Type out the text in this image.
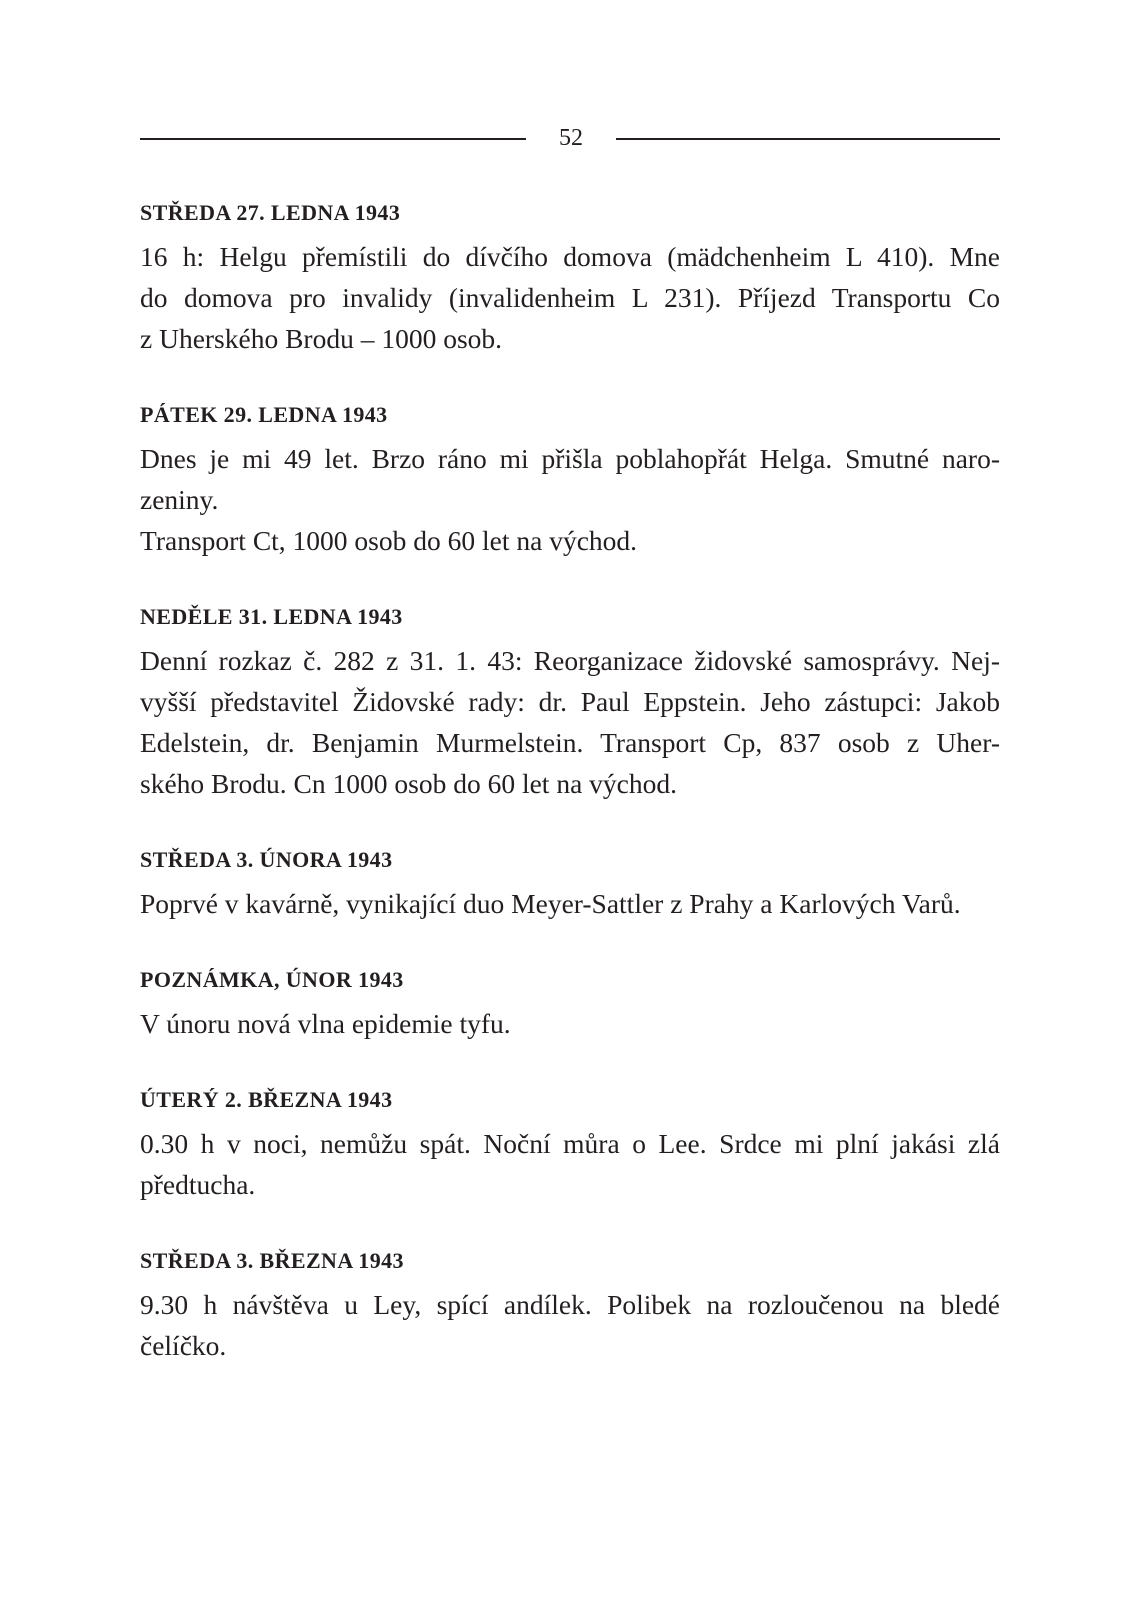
52
STŘEDA 27. LEDNA 1943

16 h: Helgu přemístili do dívčího domova (mädchenheim L 410). Mne
do domova pro invalidy (invalidenheim L 231). Příjezd Transportu Co
z Uherského Brodu – 1000 osob.

PÁTEK 29. LEDNA 1943

Dnes je mi 49 let. Brzo ráno mi přišla poblahopřát Helga. Smutné naro-
zeniny.
Transport Ct, 1000 osob do 60 let na východ.

NEDĚLE 31. LEDNA 1943

Denní rozkaz č. 282 z 31. 1. 43: Reorganizace židovské samosprávy. Nej-
vyšší představitel Židovské rady: dr. Paul Eppstein. Jeho zástupci: Jakob
Edelstein, dr. Benjamin Murmelstein. Transport Cp, 837 osob z Uher-
ského Brodu. Cn 1000 osob do 60 let na východ.

STŘEDA 3. ÚNORA 1943

Poprvé v kavárně, vynikající duo Meyer-Sattler z Prahy a Karlových Varů.

POZNÁMKA, ÚNOR 1943

V únoru nová vlna epidemie tyfu.

ÚTERÝ 2. BŘEZNA 1943

0.30 h v noci, nemůžu spát. Noční můra o Lee. Srdce mi plní jakási zlá
předtucha.

STŘEDA 3. BŘEZNA 1943

9.30 h návštěva u Ley, spící andílek. Polibek na rozloučenou na bledé
čelíčko.
